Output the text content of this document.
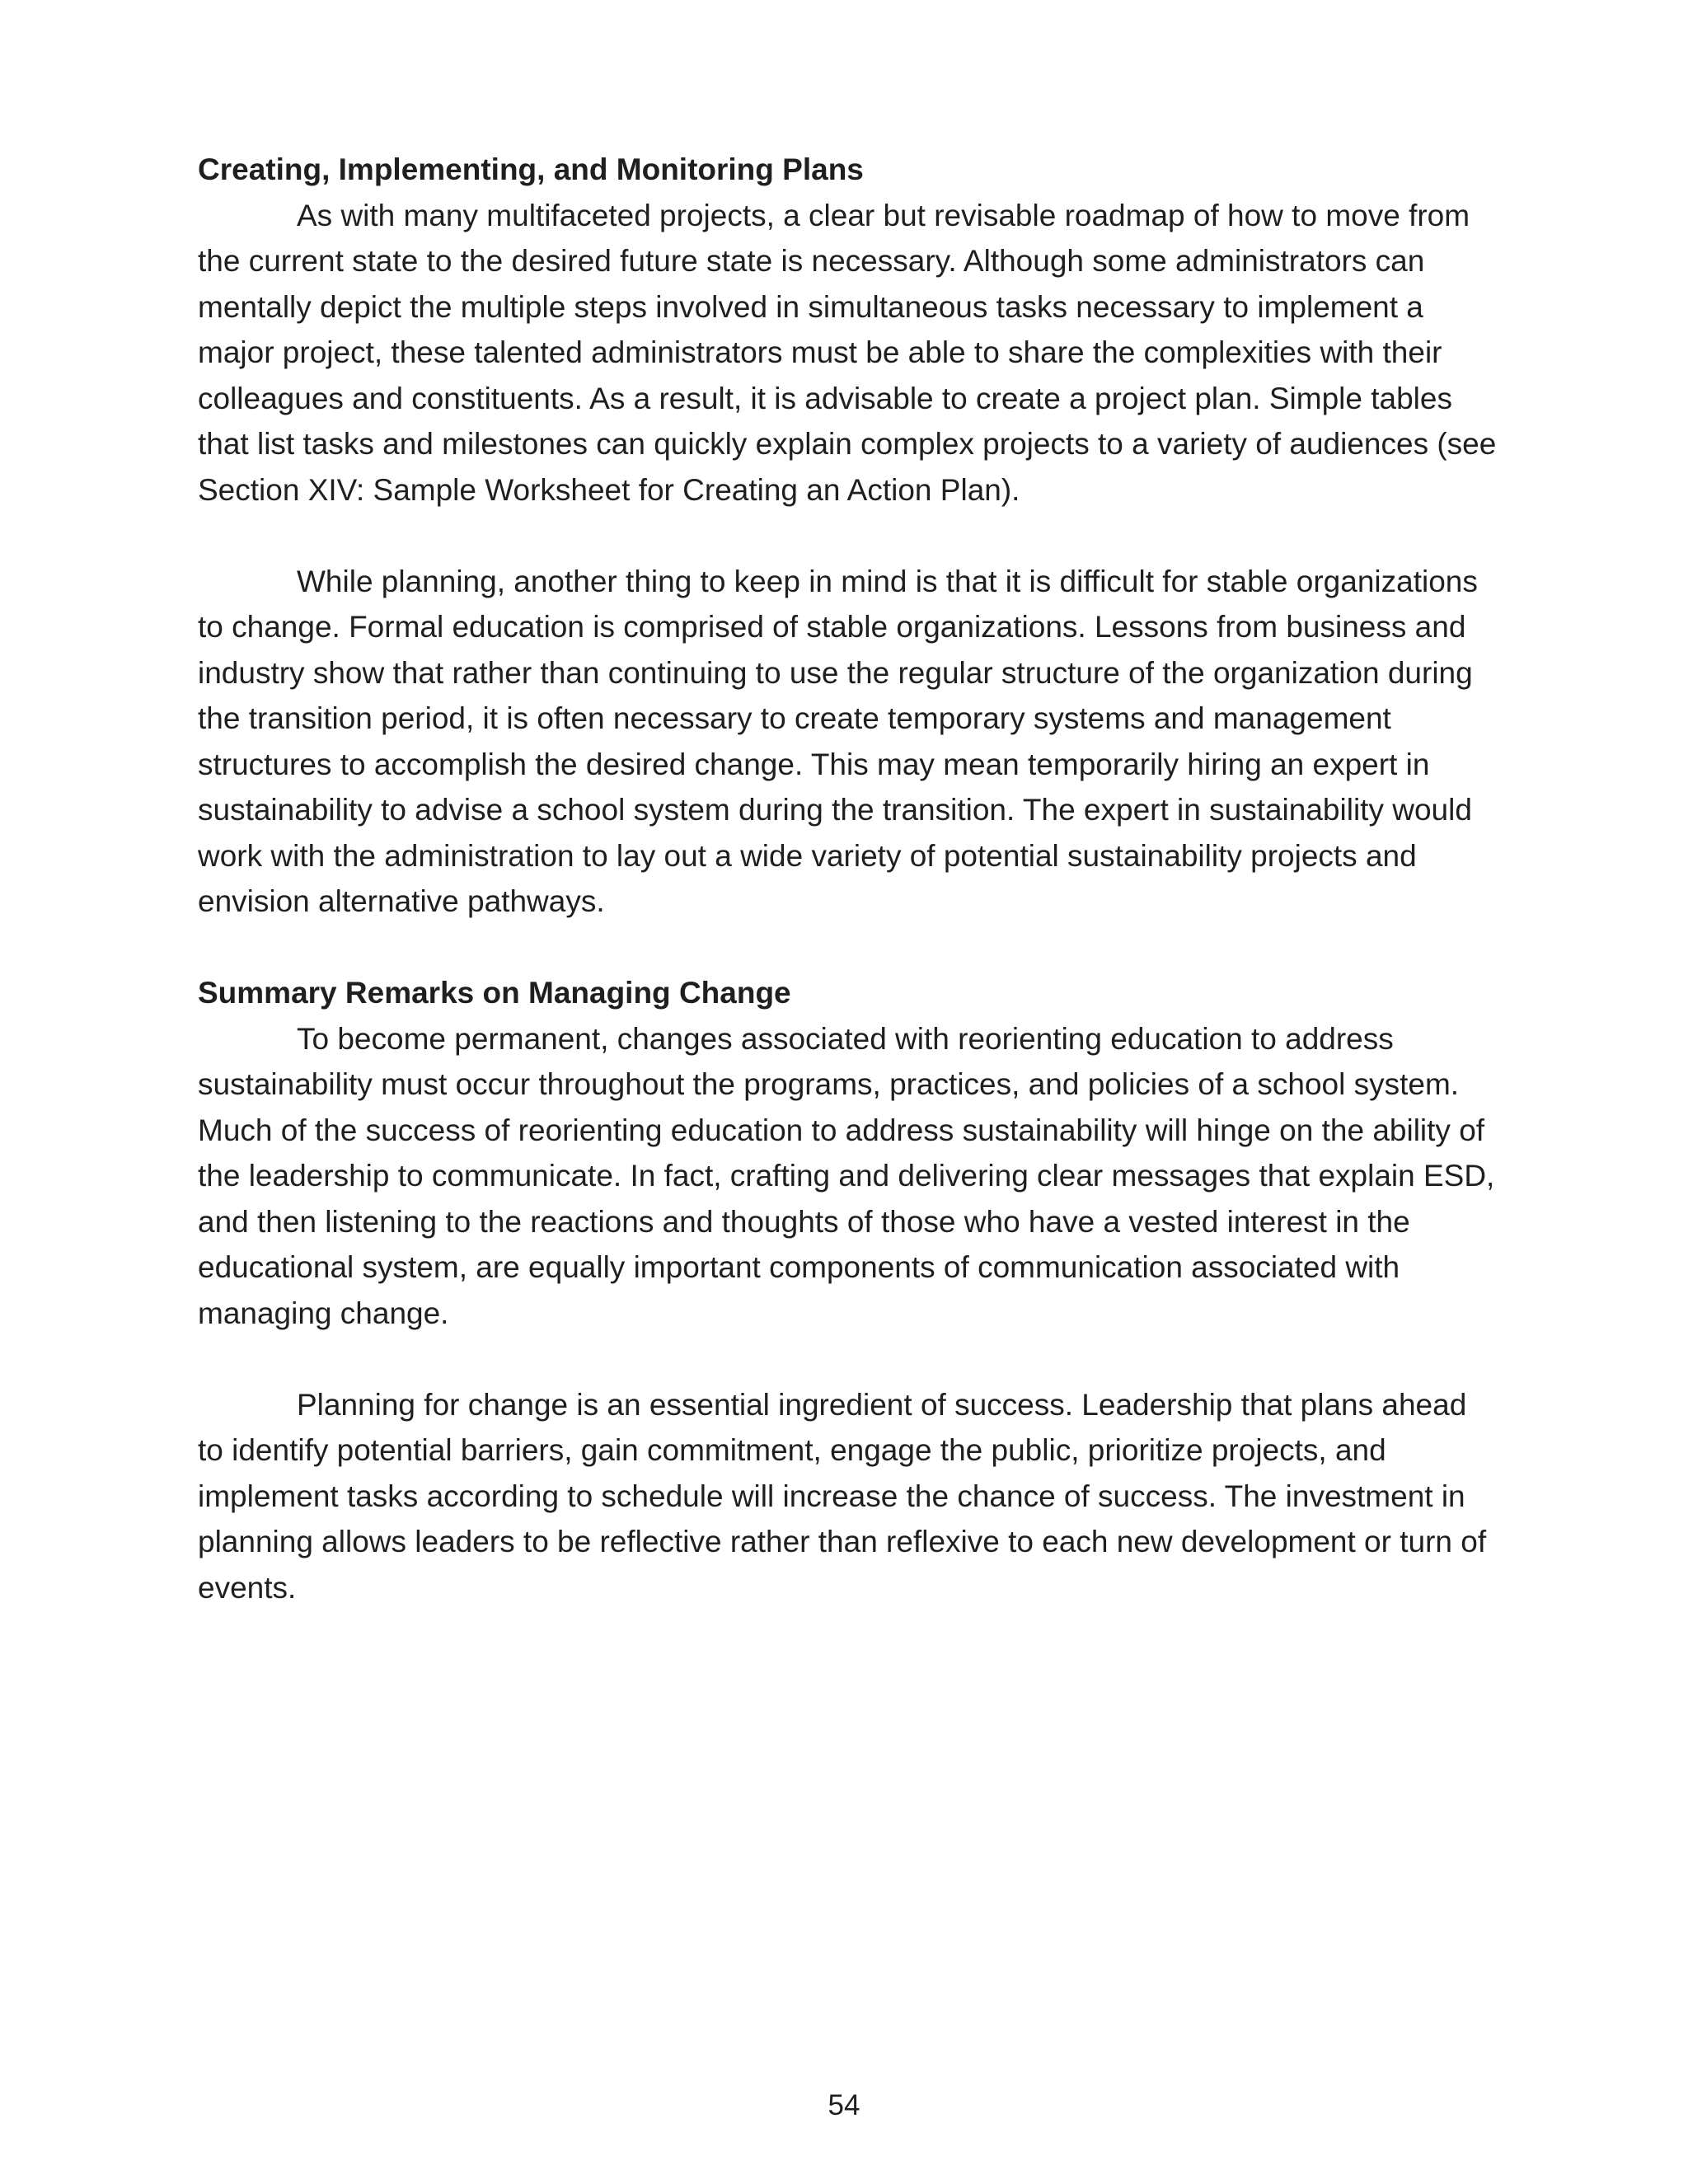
Creating, Implementing, and Monitoring Plans

As with many multifaceted projects, a clear but revisable roadmap of how to move from the current state to the desired future state is necessary. Although some administrators can mentally depict the multiple steps involved in simultaneous tasks necessary to implement a major project, these talented administrators must be able to share the complexities with their colleagues and constituents. As a result, it is advisable to create a project plan. Simple tables that list tasks and milestones can quickly explain complex projects to a variety of audiences (see Section XIV: Sample Worksheet for Creating an Action Plan).

While planning, another thing to keep in mind is that it is difficult for stable organizations to change. Formal education is comprised of stable organizations. Lessons from business and industry show that rather than continuing to use the regular structure of the organization during the transition period, it is often necessary to create temporary systems and management structures to accomplish the desired change. This may mean temporarily hiring an expert in sustainability to advise a school system during the transition. The expert in sustainability would work with the administration to lay out a wide variety of potential sustainability projects and envision alternative pathways.

Summary Remarks on Managing Change

To become permanent, changes associated with reorienting education to address sustainability must occur throughout the programs, practices, and policies of a school system. Much of the success of reorienting education to address sustainability will hinge on the ability of the leadership to communicate. In fact, crafting and delivering clear messages that explain ESD, and then listening to the reactions and thoughts of those who have a vested interest in the educational system, are equally important components of communication associated with managing change.

Planning for change is an essential ingredient of success. Leadership that plans ahead to identify potential barriers, gain commitment, engage the public, prioritize projects, and implement tasks according to schedule will increase the chance of success. The investment in planning allows leaders to be reflective rather than reflexive to each new development or turn of events.

54
